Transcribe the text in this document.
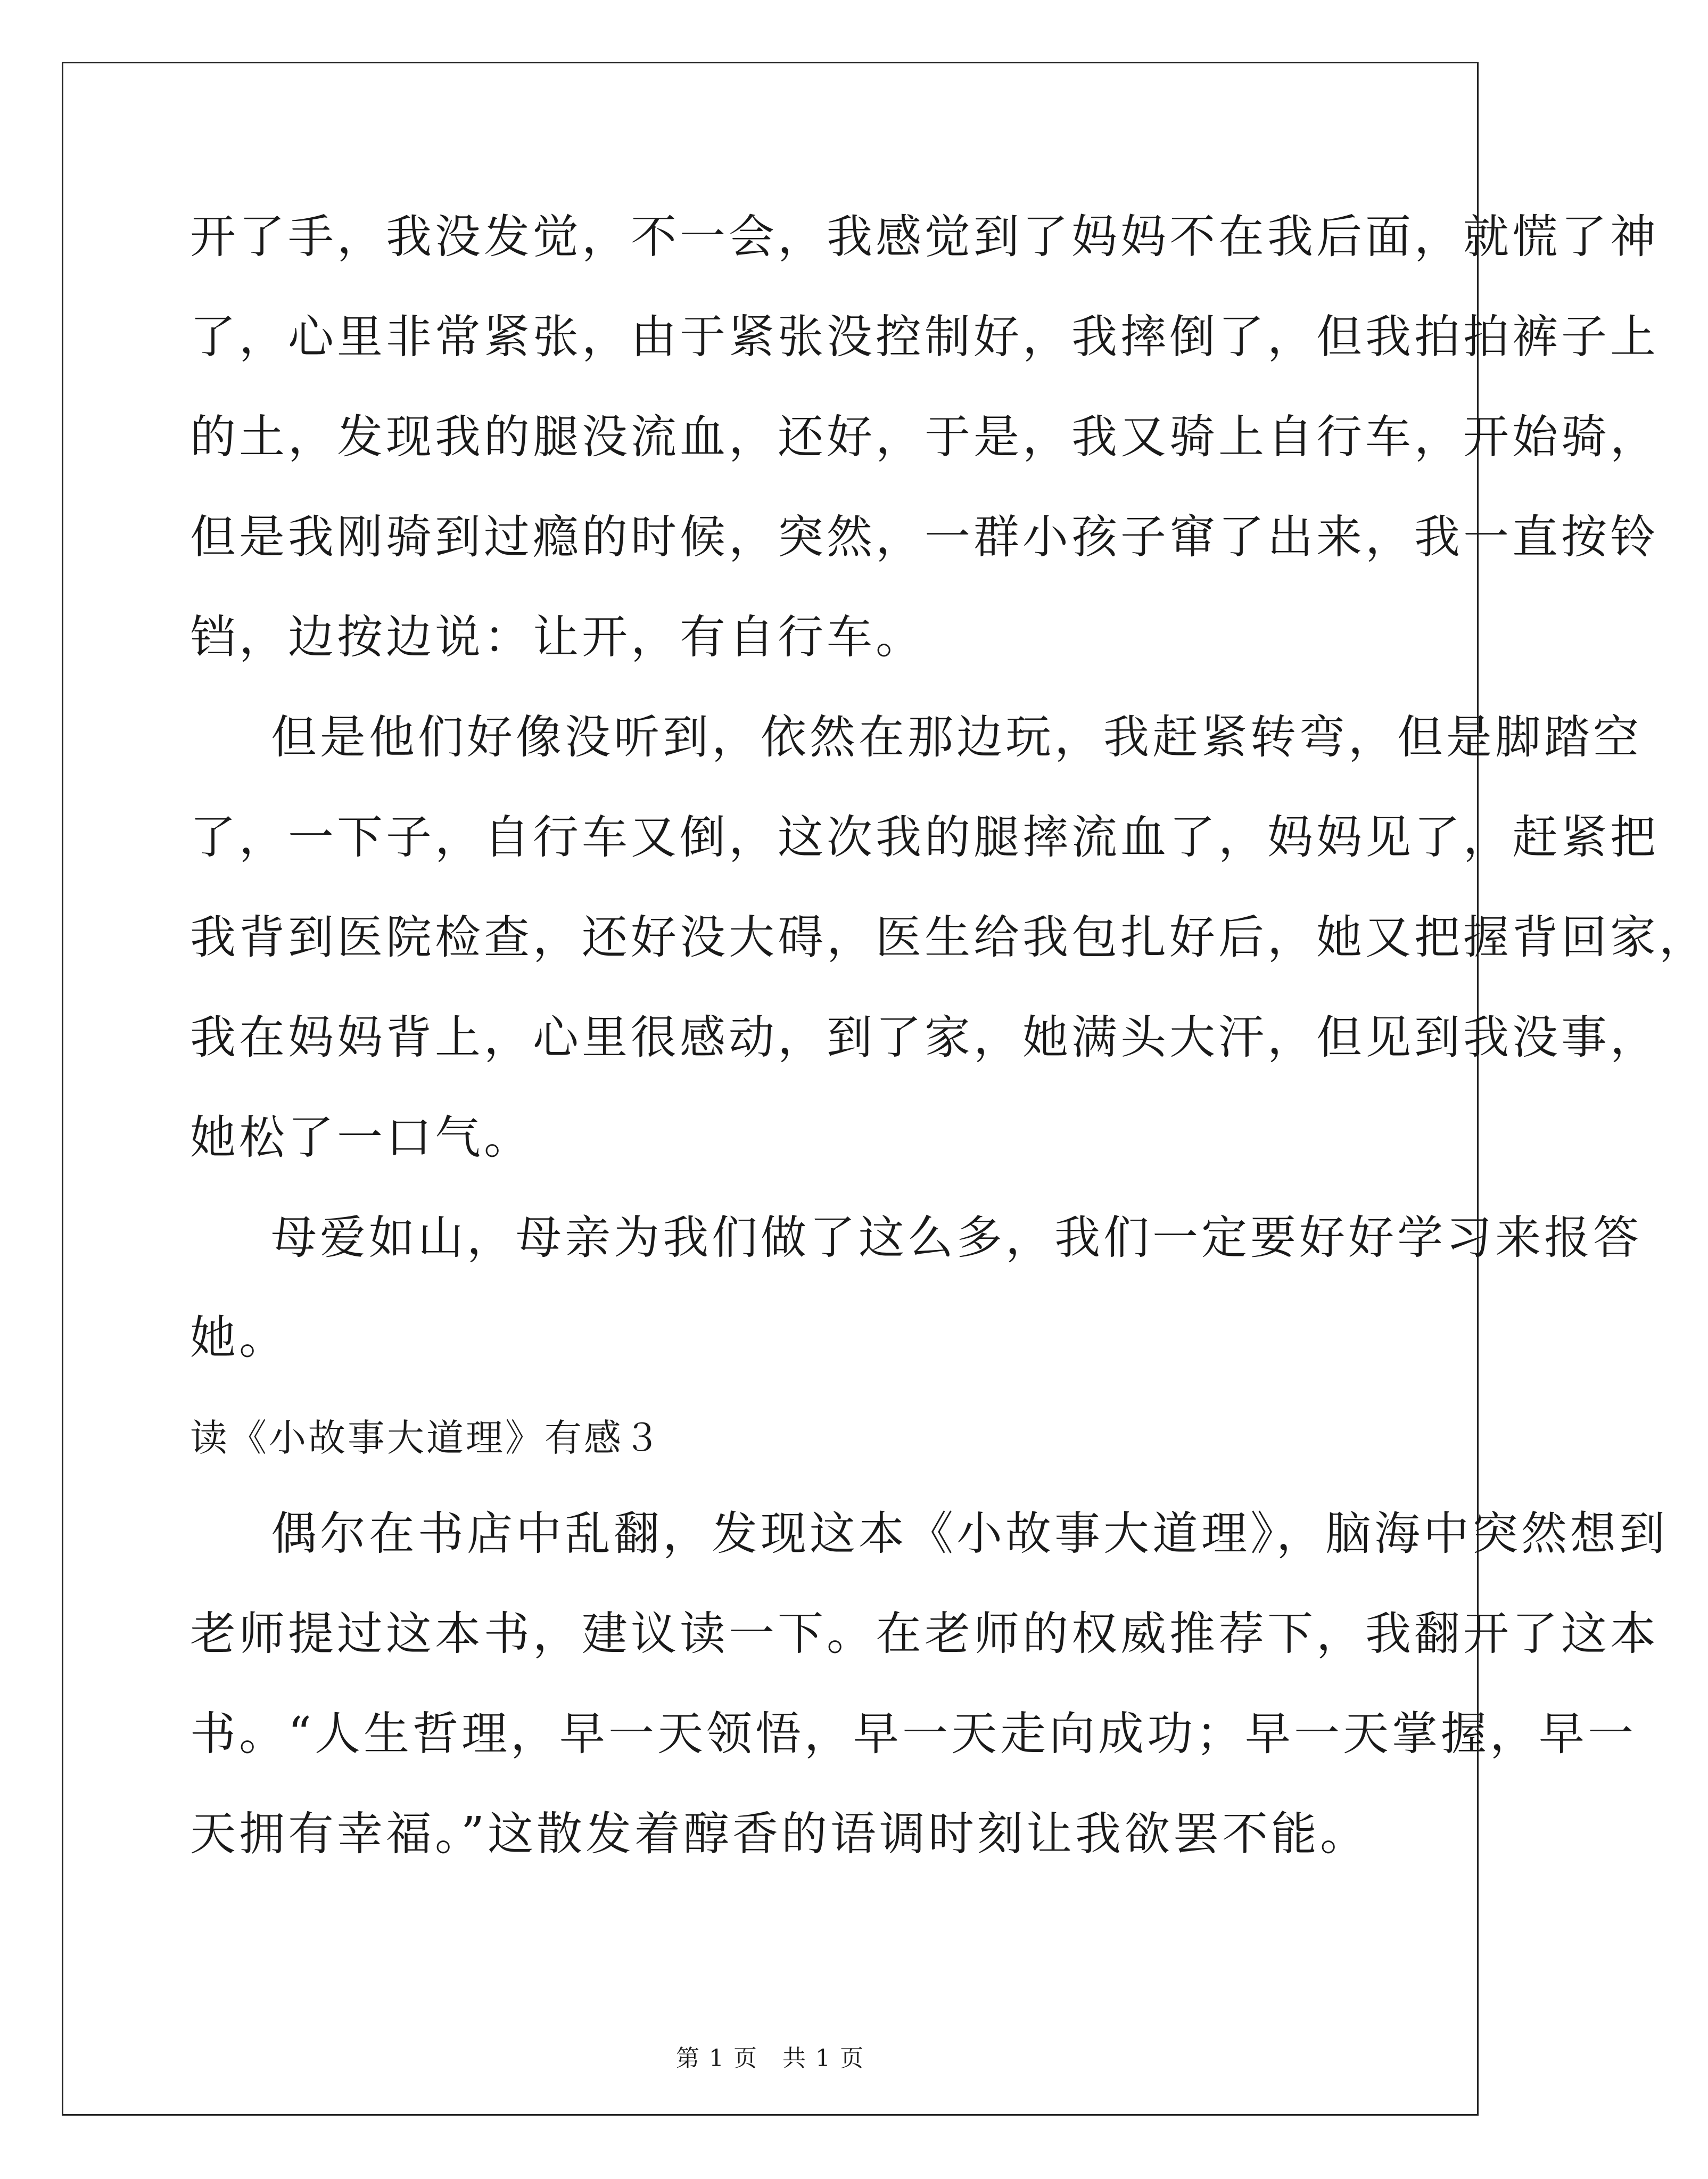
开了手，我没发觉，不一会，我感觉到了妈妈不在我后面，就慌了神
了，心里非常紧张，由于紧张没控制好，我摔倒了，但我拍拍裤子上
的土，发现我的腿没流血，还好，于是，我又骑上自行车，开始骑，
但是我刚骑到过瘾的时候，突然，一群小孩子窜了出来，我一直按铃
铛，边按边说：让开，有自行车。
但是他们好像没听到，依然在那边玩，我赶紧转弯，但是脚踏空
了，一下子，自行车又倒，这次我的腿摔流血了，妈妈见了，赶紧把
我背到医院检查，还好没大碍，医生给我包扎好后，她又把握背回家，
我在妈妈背上，心里很感动，到了家，她满头大汗，但见到我没事，
她松了一口气。
母爱如山，母亲为我们做了这么多，我们一定要好好学习来报答
她。
读《小故事大道理》有感３
偶尔在书店中乱翻，发现这本《小故事大道理》，脑海中突然想到
老师提过这本书，建议读一下。在老师的权威推荐下，我翻开了这本
书。“人生哲理，早一天领悟，早一天走向成功；早一天掌握，早一
天拥有幸福。”这散发着醇香的语调时刻让我欲罢不能。
第 1 页　共 1 页
